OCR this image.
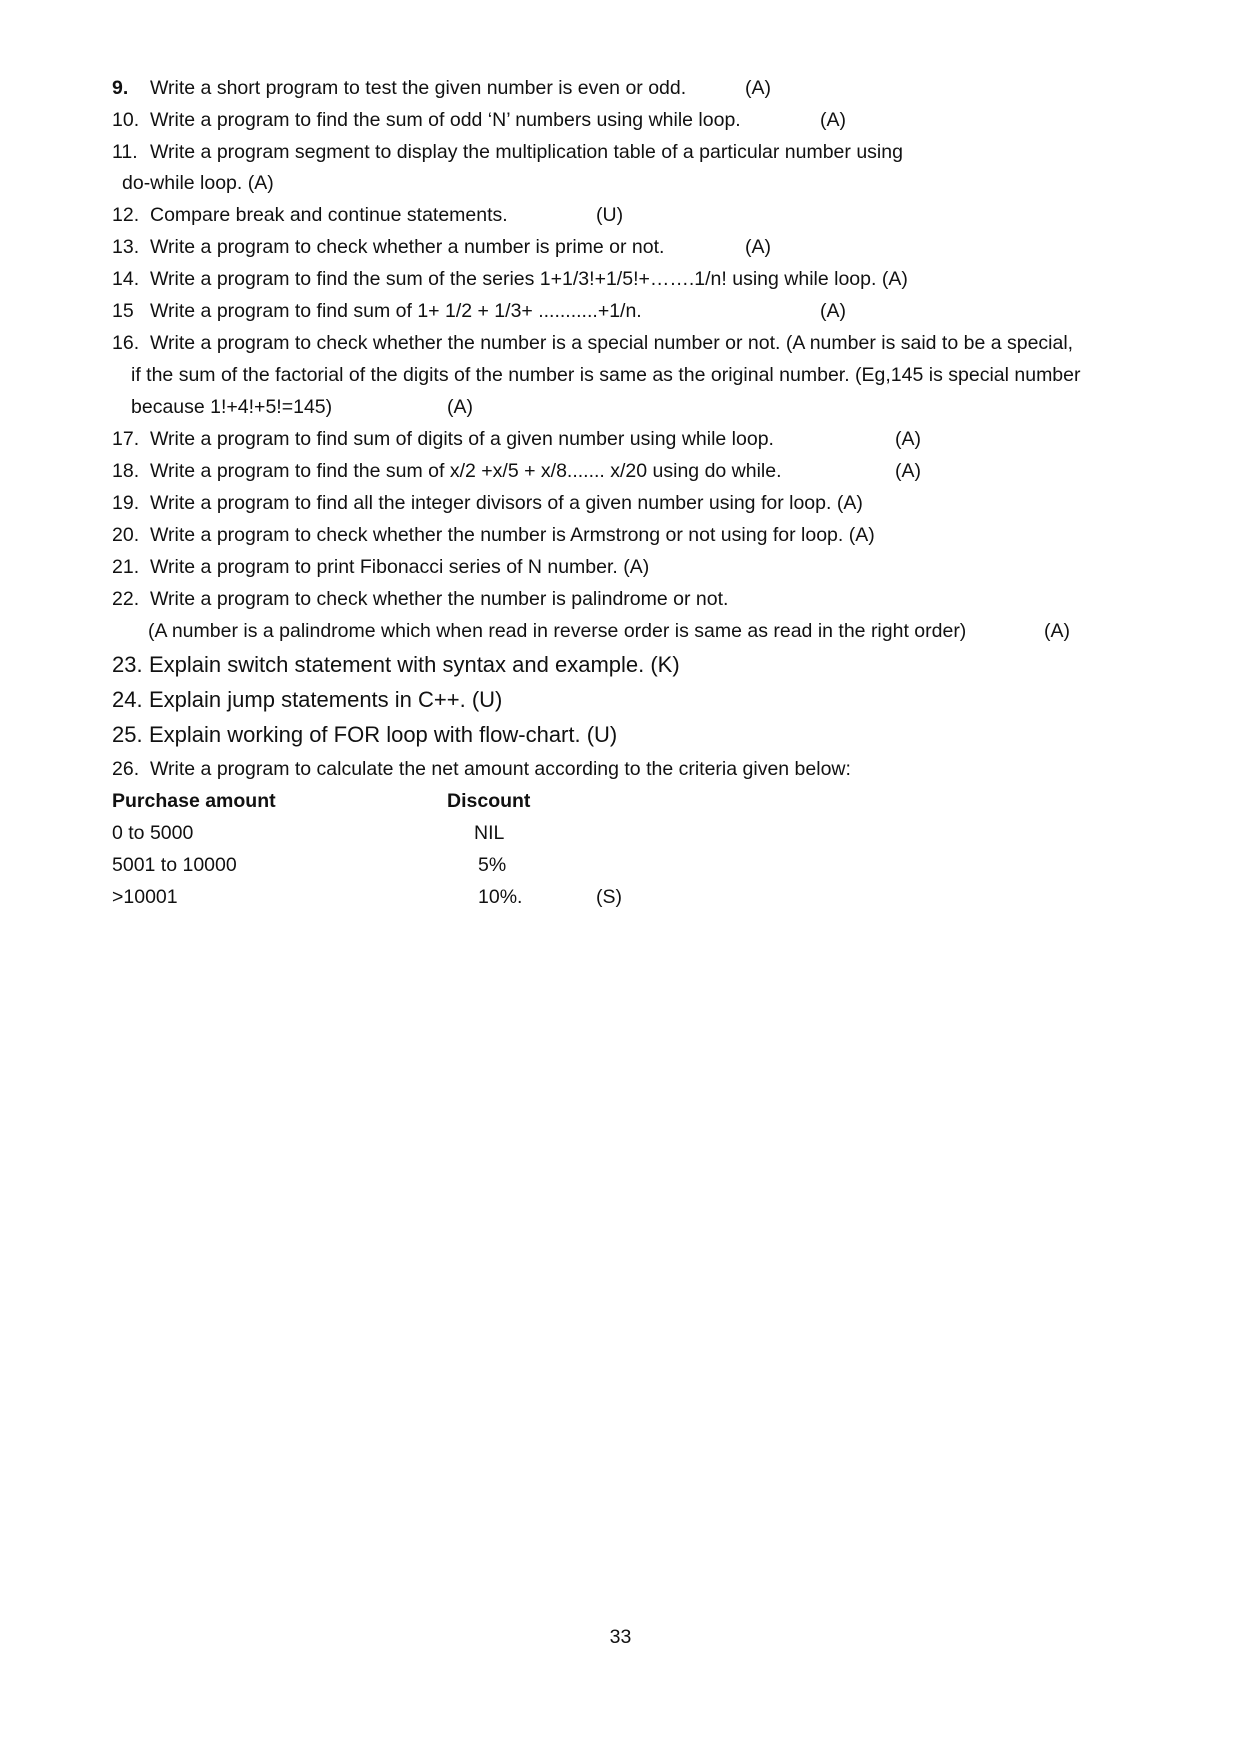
9. Write a short program to test the given number is even or odd.	(A)
10. Write a program to find the sum of odd ‘N’ numbers using while loop.	(A)
11. Write a program segment to display the multiplication table of a particular number using
do-while loop. (A)
12. Compare break and continue statements.	(U)
13. Write a program to check whether a number is prime or not.	(A)
14. Write a program to find the sum of the series 1+1/3!+1/5!+…….1/n! using while loop. (A)
15 Write a program to find sum of 1+ 1/2 + 1/3+ ...........+1/n.	(A)
16. Write a program to check whether the number is a special number or not. (A number is said to be a special,
if the sum of the factorial of the digits of the number is same as the original number. (Eg,145 is special number
because 1!+4!+5!=145)	(A)
17. Write a program to find sum of digits of a given number using while loop.	(A)
18. Write a program to find the sum of x/2 +x/5 + x/8....... x/20 using do while.	(A)
19. Write a program to find all the integer divisors of a given number using for loop. (A)
20. Write a program to check whether the number is Armstrong or not using for loop. (A)
21. Write a program to print Fibonacci series of N number. (A)
22. Write a program to check whether the number is palindrome or not.
(A number is a palindrome which when read in reverse order is same as read in the right order)	(A)
23. Explain switch statement with syntax and example. (K)
24. Explain jump statements in C++. (U)
25. Explain working of FOR loop with flow-chart. (U)
26. Write a program to calculate the net amount according to the criteria given below:
Purchase amount	Discount
0 to 5000	NIL
5001 to 10000	5%
>10001	10%.	(S)
33
